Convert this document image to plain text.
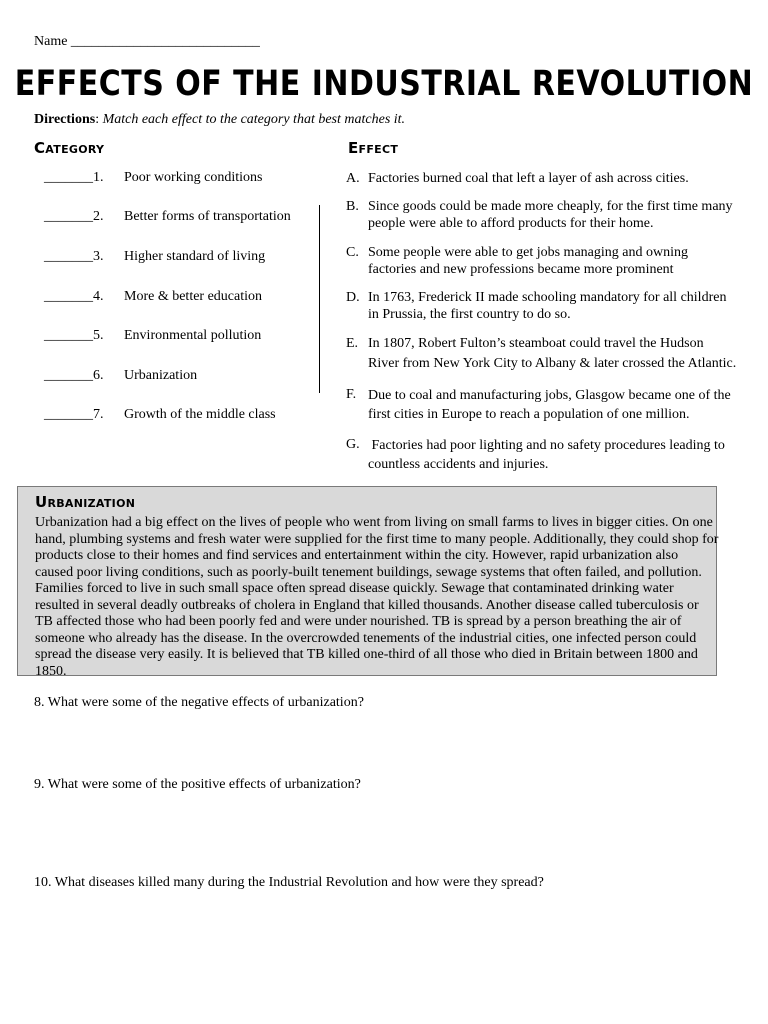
Name ___________________________
EFFECTS OF THE INDUSTRIAL REVOLUTION
Directions: Match each effect to the category that best matches it.
Category	Effect
_______1. Poor working conditions
_______2. Better forms of transportation
_______3. Higher standard of living
_______4. More & better education
_______5. Environmental pollution
_______6. Urbanization
_______7. Growth of the middle class
A. Factories burned coal that left a layer of ash across cities.
B. Since goods could be made more cheaply, for the first time many people were able to afford products for their home.
C. Some people were able to get jobs managing and owning factories and new professions became more prominent
D. In 1763, Frederick II made schooling mandatory for all children in Prussia, the first country to do so.
E. In 1807, Robert Fulton’s steamboat could travel the Hudson River from New York City to Albany & later crossed the Atlantic.
F. Due to coal and manufacturing jobs, Glasgow became one of the first cities in Europe to reach a population of one million.
G. Factories had poor lighting and no safety procedures leading to countless accidents and injuries.
Urbanization
Urbanization had a big effect on the lives of people who went from living on small farms to lives in bigger cities. On one hand, plumbing systems and fresh water were supplied for the first time to many people. Additionally, they could shop for products close to their homes and find services and entertainment within the city. However, rapid urbanization also caused poor living conditions, such as poorly-built tenement buildings, sewage systems that often failed, and pollution. Families forced to live in such small space often spread disease quickly. Sewage that contaminated drinking water resulted in several deadly outbreaks of cholera in England that killed thousands. Another disease called tuberculosis or TB affected those who had been poorly fed and were under nourished. TB is spread by a person breathing the air of someone who already has the disease. In the overcrowded tenements of the industrial cities, one infected person could spread the disease very easily. It is believed that TB killed one-third of all those who died in Britain between 1800 and 1850.
8. What were some of the negative effects of urbanization?
9. What were some of the positive effects of urbanization?
10. What diseases killed many during the Industrial Revolution and how were they spread?
